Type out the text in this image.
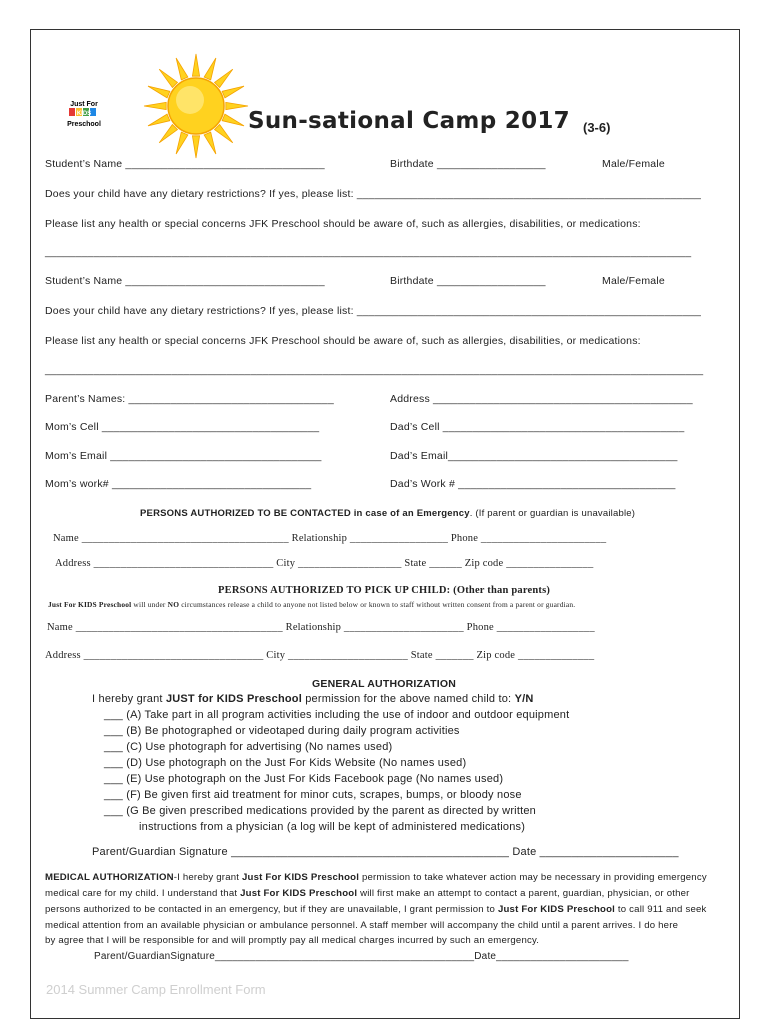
Just For
KIDS
Preschool	Sun-sational Camp 2017 (3-6)
Student’s Name _________________________________	Birthdate __________________	Male/Female
Does your child have any dietary restrictions? If yes, please list: _________________________________________________________
Please list any health or special concerns JFK Preschool should be aware of, such as allergies, disabilities, or medications:
___________________________________________________________________________________________________________
Student’s Name _________________________________	Birthdate __________________	Male/Female
Does your child have any dietary restrictions? If yes, please list: _________________________________________________________
Please list any health or special concerns JFK Preschool should be aware of, such as allergies, disabilities, or medications:
_____________________________________________________________________________________________________________
Parent’s Names: __________________________________	Address ___________________________________________
Mom’s Cell ____________________________________	Dad’s Cell ________________________________________
Mom’s Email ___________________________________	Dad’s Email______________________________________
Mom’s work# _________________________________	Dad’s Work # ____________________________________
PERSONS AUTHORIZED TO BE CONTACTED in case of an Emergency. (If parent or guardian is unavailable)
Name ______________________________________ Relationship __________________ Phone _______________________
Address _________________________________ City ___________________ State ______ Zip code ________________
PERSONS AUTHORIZED TO PICK UP CHILD: (Other than parents)
Just For KIDS Preschool will under NO circumstances release a child to anyone not listed below or known to staff without written consent from a parent or guardian.
Name ______________________________________ Relationship ______________________ Phone __________________
Address _________________________________ City ______________________ State _______ Zip code ______________
GENERAL AUTHORIZATION
I hereby grant JUST for KIDS Preschool permission for the above named child to: Y/N
___ (A) Take part in all program activities including the use of indoor and outdoor equipment
___ (B) Be photographed or videotaped during daily program activities
___ (C) Use photograph for advertising (No names used)
___ (D) Use photograph on the Just For Kids Website (No names used)
___ (E) Use photograph on the Just For Kids Facebook page (No names used)
___ (F) Be given first aid treatment for minor cuts, scrapes, bumps, or bloody nose
___ (G Be given prescribed medications provided by the parent as directed by written
instructions from a physician (a log will be kept of administered medications)
Parent/Guardian Signature ____________________________________________ Date ______________________
MEDICAL AUTHORIZATION-I hereby grant Just For KIDS Preschool permission to take whatever action may be necessary in providing emergency
medical care for my child. I understand that Just For KIDS Preschool will first make an attempt to contact a parent, guardian, physician, or other
persons authorized to be contacted in an emergency, but if they are unavailable, I grant permission to Just For KIDS Preschool to call 911 and seek
medical attention from an available physician or ambulance personnel. A staff member will accompany the child until a parent arrives. I do here
by agree that I will be responsible for and will promptly pay all medical charges incurred by such an emergency.
Parent/GuardianSignature_____________________________________________Date_______________________
2014 Summer Camp Enrollment Form
